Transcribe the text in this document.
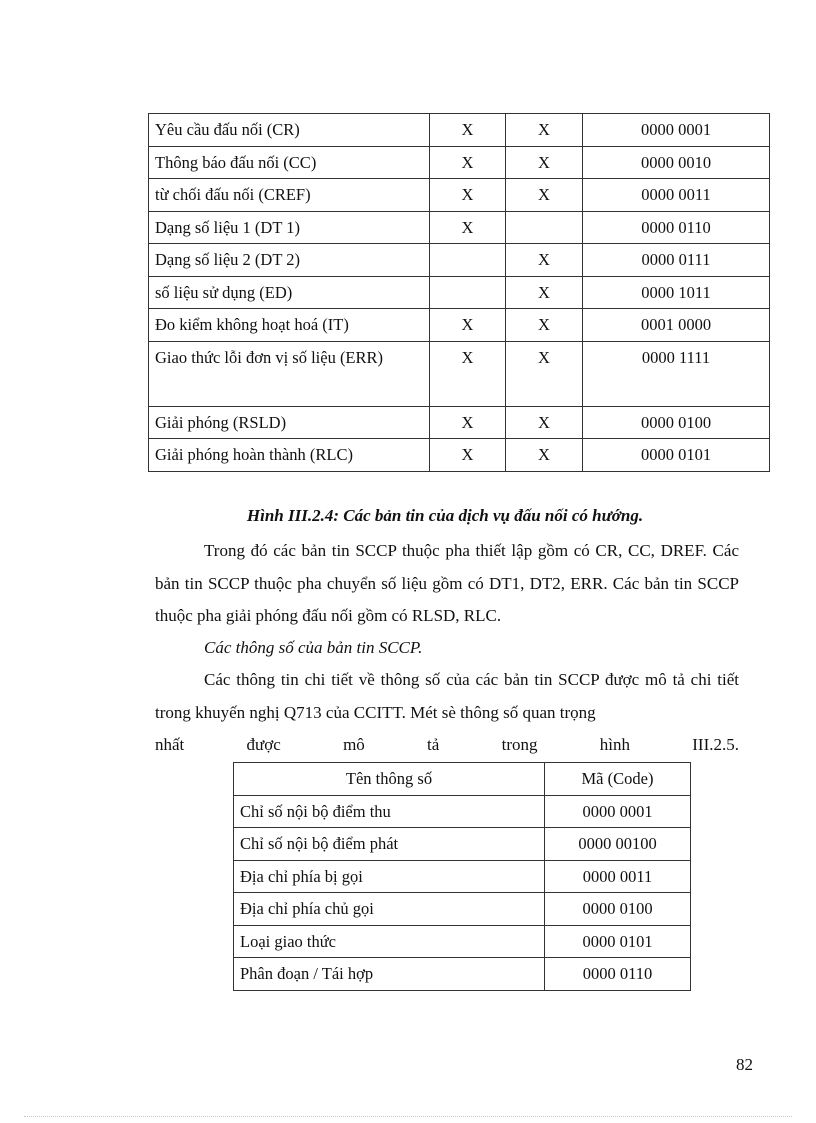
Yêu cầu đấu nối (CR)	X	X	0000 0001
Thông báo đấu nối (CC)	X	X	0000 0010
từ chối đấu nối (CREF)	X	X	0000 0011
Dạng số liệu 1 (DT 1)	X		0000 0110
Dạng số liệu 2 (DT 2)		X	0000 0111
số liệu sử dụng (ED)		X	0000 1011
Đo kiểm không hoạt hoá (IT)	X	X	0001 0000
Giao thức lỗi đơn vị số liệu (ERR)	X	X	0000 1111
Giải phóng (RSLD)	X	X	0000 0100
Giải phóng hoàn thành (RLC)	X	X	0000 0101
Hình III.2.4: Các bản tin của dịch vụ đấu nối có hướng.
Trong đó các bản tin SCCP thuộc pha thiết lập gồm có CR, CC, DREF. Các bản tin SCCP thuộc pha chuyển số liệu gồm có DT1, DT2, ERR. Các bản tin SCCP thuộc pha giải phóng đấu nối gồm có RLSD, RLC.
Các thông số của bản tin SCCP.
Các thông tin chi tiết về thông số của các bản tin SCCP được mô tả chi tiết trong khuyến nghị Q713 của CCITT. Mét sè thông số quan trọng
nhất được mô tả trong hình III.2.5.
Tên thông số	Mã (Code)
Chỉ số nội bộ điểm thu	0000 0001
Chỉ số nội bộ điểm phát	0000 00100
Địa chỉ phía bị gọi	0000 0011
Địa chỉ phía chủ gọi	0000 0100
Loại giao thức	0000 0101
Phân đoạn / Tái hợp	0000 0110
82
